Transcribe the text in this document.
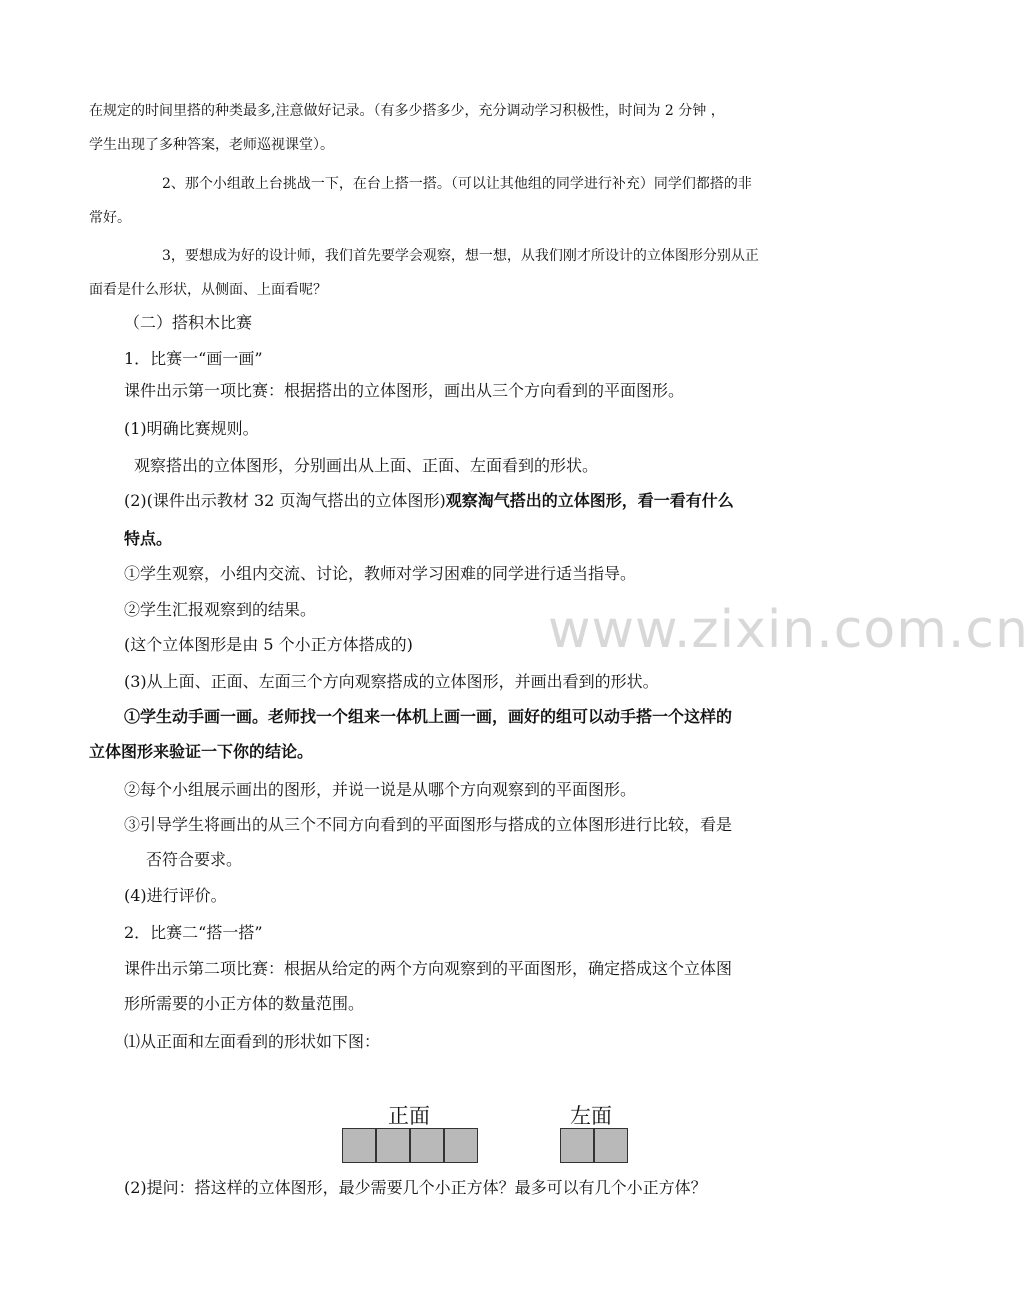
在规定的时间里搭的种类最多,注意做好记录。（有多少搭多少，充分调动学习积极性，时间为 2 分钟 ，
学生出现了多种答案，老师巡视课堂）。
2、那个小组敢上台挑战一下，在台上搭一搭。（可以让其他组的同学进行补充）同学们都搭的非
常好。
3，要想成为好的设计师，我们首先要学会观察，想一想，从我们刚才所设计的立体图形分别从正
面看是什么形状，从侧面、上面看呢？
（二）搭积木比赛
1．比赛一“画一画”
课件出示第一项比赛：根据搭出的立体图形，画出从三个方向看到的平面图形。
(1)明确比赛规则。
观察搭出的立体图形，分别画出从上面、正面、左面看到的形状。
(2)(课件出示教材 32 页淘气搭出的立体图形)观察淘气搭出的立体图形，看一看有什么
特点。
①学生观察，小组内交流、讨论，教师对学习困难的同学进行适当指导。
②学生汇报观察到的结果。
(这个立体图形是由 5 个小正方体搭成的)
(3)从上面、正面、左面三个方向观察搭成的立体图形，并画出看到的形状。
①学生动手画一画。老师找一个组来一体机上画一画，画好的组可以动手搭一个这样的
立体图形来验证一下你的结论。
②每个小组展示画出的图形，并说一说是从哪个方向观察到的平面图形。
③引导学生将画出的从三个不同方向看到的平面图形与搭成的立体图形进行比较，看是
否符合要求。
(4)进行评价。
2．比赛二“搭一搭”
课件出示第二项比赛：根据从给定的两个方向观察到的平面图形，确定搭成这个立体图
形所需要的小正方体的数量范围。
⑴从正面和左面看到的形状如下图：
正面	左面
(2)提问：搭这样的立体图形，最少需要几个小正方体？最多可以有几个小正方体？
www.zixin.com.cn
